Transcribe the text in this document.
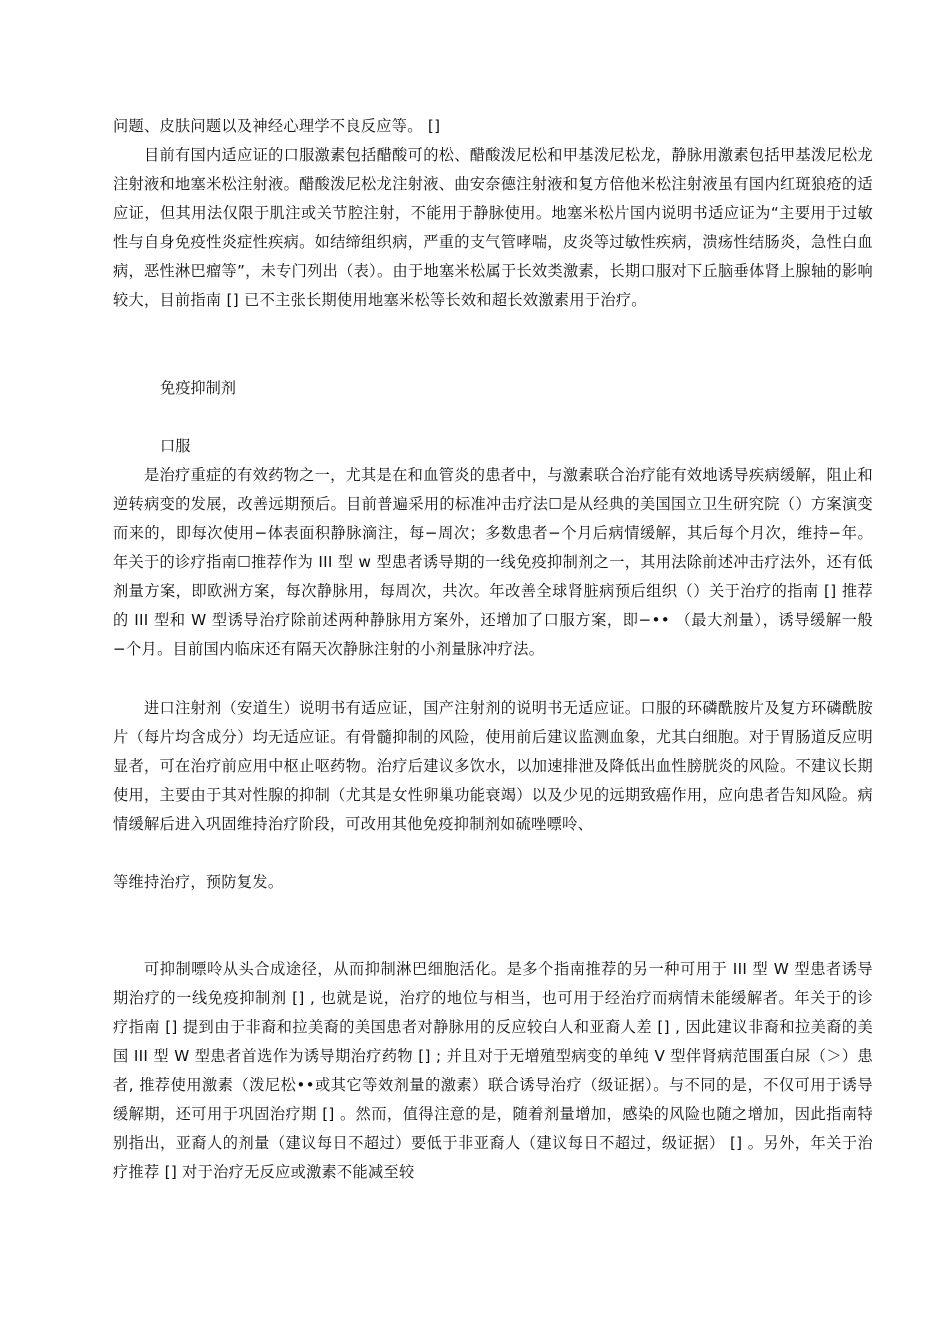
问题、皮肤问题以及神经心理学不良反应等。 []

目前有国内适应证的口服激素包括醋酸可的松、醋酸泼尼松和甲基泼尼松龙，静脉用激素包括甲基泼尼松龙注射液和地塞米松注射液。醋酸泼尼松龙注射液、曲安奈德注射液和复方倍他米松注射液虽有国内红斑狼疮的适应证，但其用法仅限于肌注或关节腔注射，不能用于静脉使用。地塞米松片国内说明书适应证为“主要用于过敏性与自身免疫性炎症性疾病。如结缔组织病，严重的支气管哮喘，皮炎等过敏性疾病，溃疡性结肠炎，急性白血病，恶性淋巴瘤等”，未专门列出（表）。由于地塞米松属于长效类激素，长期口服对下丘脑垂体肾上腺轴的影响较大，目前指南 [] 已不主张长期使用地塞米松等长效和超长效激素用于治疗。

免疫抑制剂

口服

是治疗重症的有效药物之一，尤其是在和血管炎的患者中，与激素联合治疗能有效地诱导疾病缓解，阻止和逆转病变的发展，改善远期预后。目前普遍采用的标准冲击疗法☐是从经典的美国国立卫生研究院（）方案演变而来的，即每次使用−体表面积静脉滴注，每−周次；多数患者−个月后病情缓解，其后每个月次，维持−年。年关于的诊疗指南☐推荐作为 III 型 w 型患者诱导期的一线免疫抑制剂之一，其用法除前述冲击疗法外，还有低剂量方案，即欧洲方案，每次静脉用，每周次，共次。年改善全球肾脏病预后组织（）关于治疗的指南 [] 推荐的 III 型和 W 型诱导治疗除前述两种静脉用方案外，还增加了口服方案，即−•• （最大剂量），诱导缓解一般−个月。目前国内临床还有隔天次静脉注射的小剂量脉冲疗法。

进口注射剂（安道生）说明书有适应证，国产注射剂的说明书无适应证。口服的环磷酰胺片及复方环磷酰胺片（每片均含成分）均无适应证。有骨髓抑制的风险，使用前后建议监测血象，尤其白细胞。对于胃肠道反应明显者，可在治疗前应用中枢止呕药物。治疗后建议多饮水，以加速排泄及降低出血性膀胱炎的风险。不建议长期使用，主要由于其对性腺的抑制（尤其是女性卵巢功能衰竭）以及少见的远期致癌作用，应向患者告知风险。病情缓解后进入巩固维持治疗阶段，可改用其他免疫抑制剂如硫唑嘌呤、

等维持治疗，预防复发。

可抑制嘌呤从头合成途径，从而抑制淋巴细胞活化。是多个指南推荐的另一种可用于 III 型 W 型患者诱导期治疗的一线免疫抑制剂 [] , 也就是说，治疗的地位与相当，也可用于经治疗而病情未能缓解者。年关于的诊疗指南 [] 提到由于非裔和拉美裔的美国患者对静脉用的反应较白人和亚裔人差 [] , 因此建议非裔和拉美裔的美国 III 型 W 型患者首选作为诱导期治疗药物 [] ; 并且对于无增殖型病变的单纯 V 型伴肾病范围蛋白尿（＞）患者, 推荐使用激素（泼尼松••或其它等效剂量的激素）联合诱导治疗（级证据）。与不同的是，不仅可用于诱导缓解期，还可用于巩固治疗期 [] 。然而，值得注意的是，随着剂量增加，感染的风险也随之增加，因此指南特别指出，亚裔人的剂量（建议每日不超过）要低于非亚裔人（建议每日不超过，级证据） [] 。另外，年关于治疗推荐 [] 对于治疗无反应或激素不能减至较
